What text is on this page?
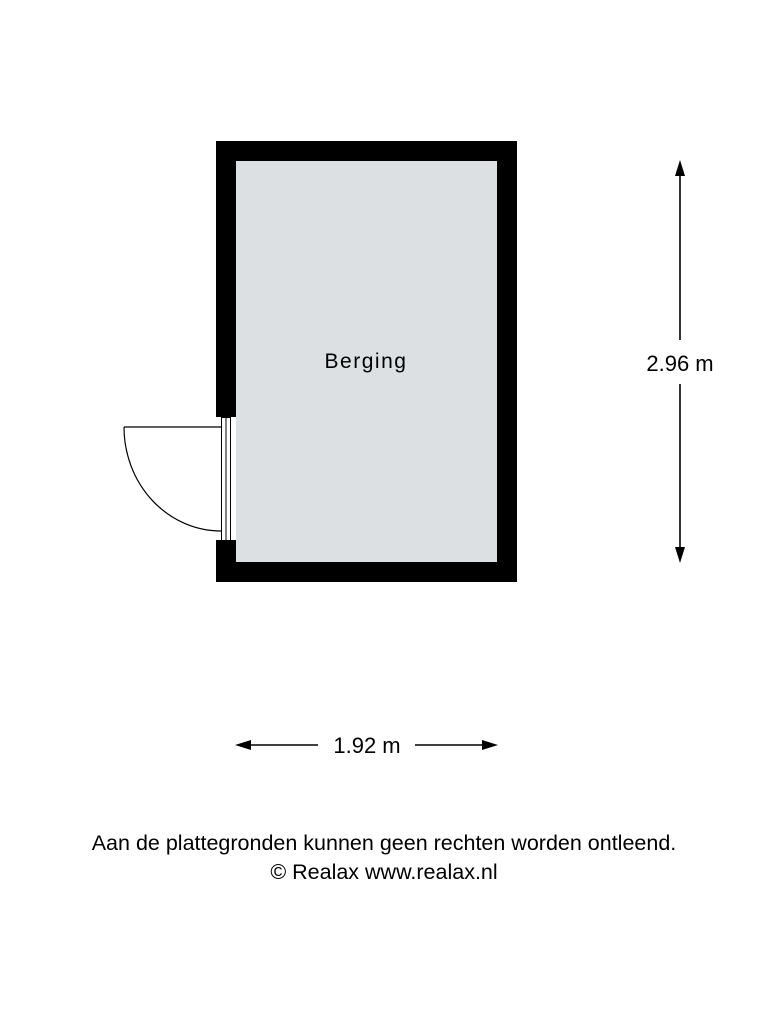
Berging	2.96 m
1.92 m
Aan de plattegronden kunnen geen rechten worden ontleend.
© Realax www.realax.nl
